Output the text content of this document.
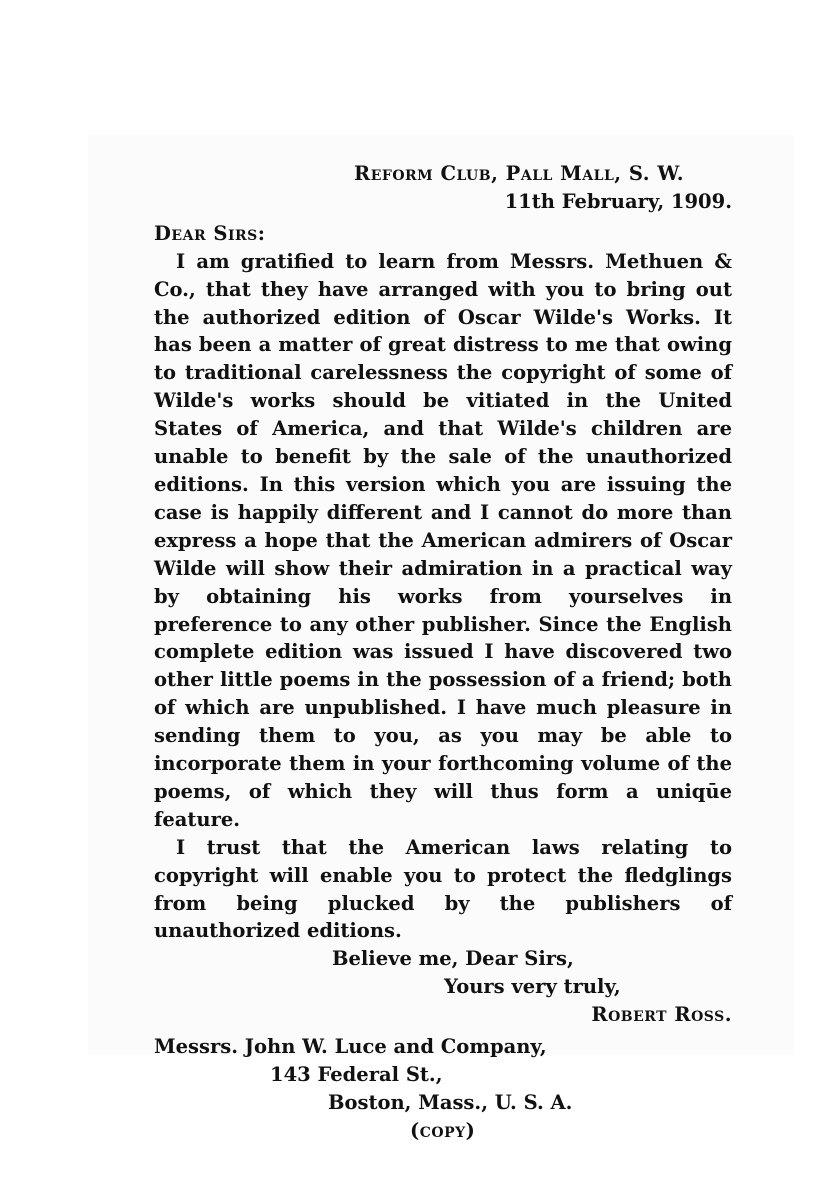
Reform Club, Pall Mall, S. W.
11th February, 1909.
Dear Sirs:

I am gratified to learn from Messrs. Methuen & Co., that they have arranged with you to bring out the authorized edition of Oscar Wilde's Works. It has been a matter of great distress to me that owing to traditional carelessness the copyright of some of Wilde's works should be vitiated in the United States of America, and that Wilde's children are unable to benefit by the sale of the unauthorized editions. In this version which you are issuing the case is happily different and I cannot do more than express a hope that the American admirers of Oscar Wilde will show their admiration in a practical way by obtaining his works from yourselves in preference to any other publisher. Since the English complete edition was issued I have discovered two other little poems in the possession of a friend; both of which are unpublished. I have much pleasure in sending them to you, as you may be able to incorporate them in your forthcoming volume of the poems, of which they will thus form a uniqūe feature.

I trust that the American laws relating to copyright will enable you to protect the fledglings from being plucked by the publishers of unauthorized editions.

Believe me, Dear Sirs,
Yours very truly,
Robert Ross.
Messrs. John W. Luce and Company,
143 Federal St.,
Boston, Mass., U. S. A.
(copy)
